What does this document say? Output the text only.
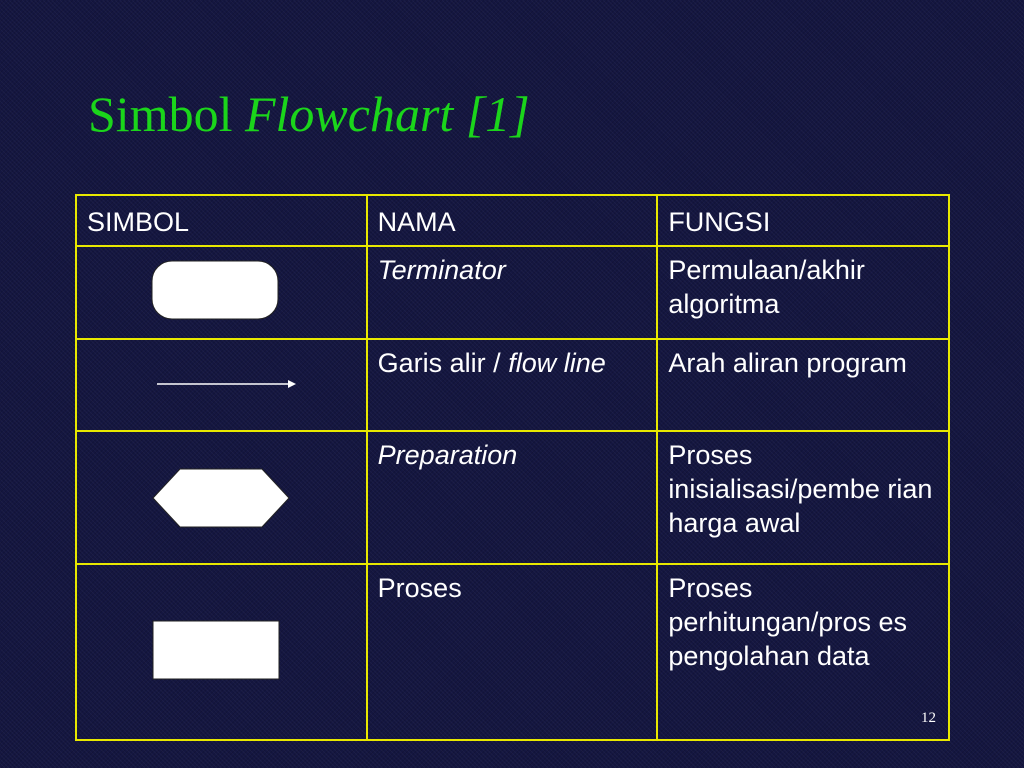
Simbol Flowchart [1]
SIMBOL	NAMA	FUNGSI

	Terminator	Permulaan/akhir algoritma

	Garis alir / flow line	Arah aliran program

	Preparation	Proses inisialisasi/pembe rian harga awal

	Proses	Proses perhitungan/pros es pengolahan data
12
